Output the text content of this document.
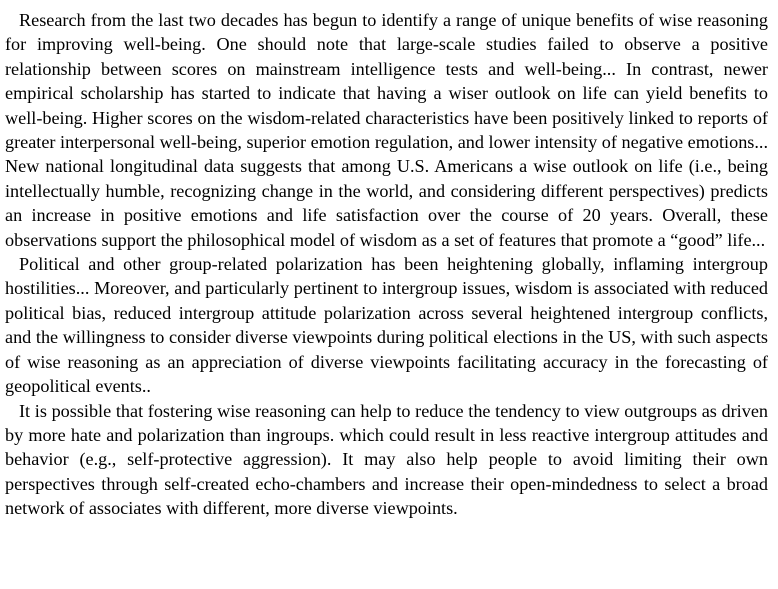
Research from the last two decades has begun to identify a range of unique benefits of wise reasoning for improving well-being. One should note that large-scale studies failed to observe a positive relationship between scores on mainstream intelligence tests and well-being... In contrast, newer empirical scholarship has started to indicate that having a wiser outlook on life can yield benefits to well-being. Higher scores on the wisdom-related characteristics have been positively linked to reports of greater interpersonal well-being, superior emotion regulation, and lower intensity of negative emotions... New national longitudinal data suggests that among U.S. Americans a wise outlook on life (i.e., being intellectually humble, recognizing change in the world, and considering different perspectives) predicts an increase in positive emotions and life satisfaction over the course of 20 years. Overall, these observations support the philosophical model of wisdom as a set of features that promote a “good” life...

Political and other group-related polarization has been heightening globally, inflaming intergroup hostilities... Moreover, and particularly pertinent to intergroup issues, wisdom is associated with reduced political bias, reduced intergroup attitude polarization across several heightened intergroup conflicts, and the willingness to consider diverse viewpoints during political elections in the US, with such aspects of wise reasoning as an appreciation of diverse viewpoints facilitating accuracy in the forecasting of geopolitical events..

It is possible that fostering wise reasoning can help to reduce the tendency to view outgroups as driven by more hate and polarization than ingroups. which could result in less reactive intergroup attitudes and behavior (e.g., self-protective aggression). It may also help people to avoid limiting their own perspectives through self-created echo-chambers and increase their open-mindedness to select a broad network of associates with different, more diverse viewpoints.
